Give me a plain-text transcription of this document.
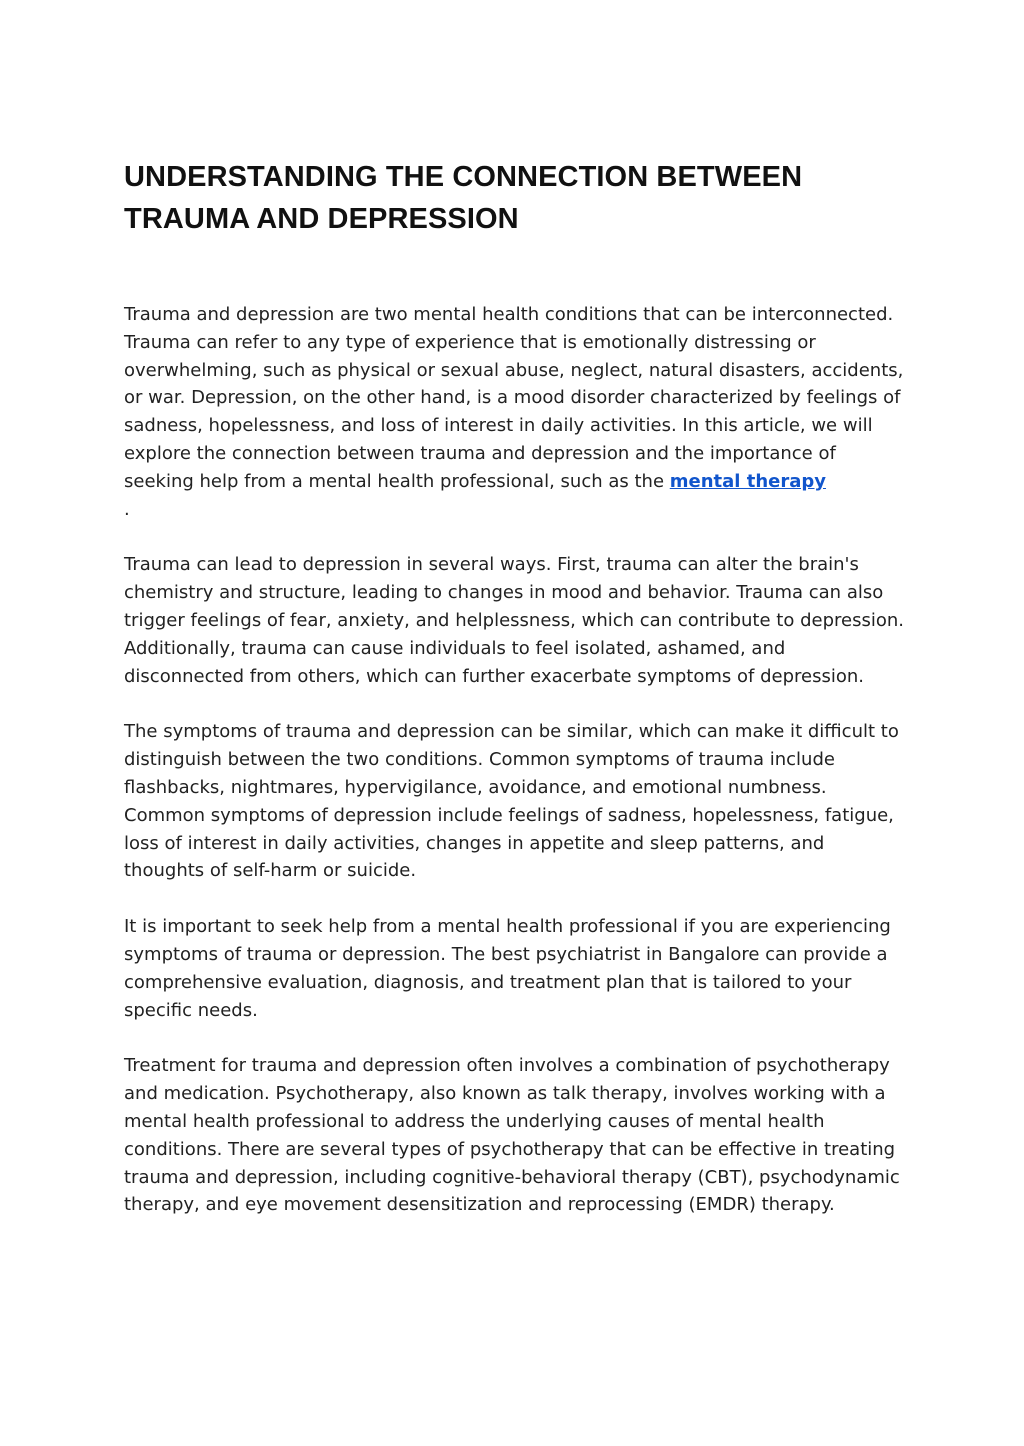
UNDERSTANDING THE CONNECTION BETWEEN
TRAUMA AND DEPRESSION

Trauma and depression are two mental health conditions that can be interconnected. Trauma can refer to any type of experience that is emotionally distressing or overwhelming, such as physical or sexual abuse, neglect, natural disasters, accidents, or war. Depression, on the other hand, is a mood disorder characterized by feelings of sadness, hopelessness, and loss of interest in daily activities. In this article, we will explore the connection between trauma and depression and the importance of seeking help from a mental health professional, such as the mental therapy
.

Trauma can lead to depression in several ways. First, trauma can alter the brain's chemistry and structure, leading to changes in mood and behavior. Trauma can also trigger feelings of fear, anxiety, and helplessness, which can contribute to depression. Additionally, trauma can cause individuals to feel isolated, ashamed, and disconnected from others, which can further exacerbate symptoms of depression.

The symptoms of trauma and depression can be similar, which can make it difficult to distinguish between the two conditions. Common symptoms of trauma include flashbacks, nightmares, hypervigilance, avoidance, and emotional numbness. Common symptoms of depression include feelings of sadness, hopelessness, fatigue, loss of interest in daily activities, changes in appetite and sleep patterns, and thoughts of self-harm or suicide.

It is important to seek help from a mental health professional if you are experiencing symptoms of trauma or depression. The best psychiatrist in Bangalore can provide a comprehensive evaluation, diagnosis, and treatment plan that is tailored to your specific needs.

Treatment for trauma and depression often involves a combination of psychotherapy and medication. Psychotherapy, also known as talk therapy, involves working with a mental health professional to address the underlying causes of mental health conditions. There are several types of psychotherapy that can be effective in treating trauma and depression, including cognitive-behavioral therapy (CBT), psychodynamic therapy, and eye movement desensitization and reprocessing (EMDR) therapy.
